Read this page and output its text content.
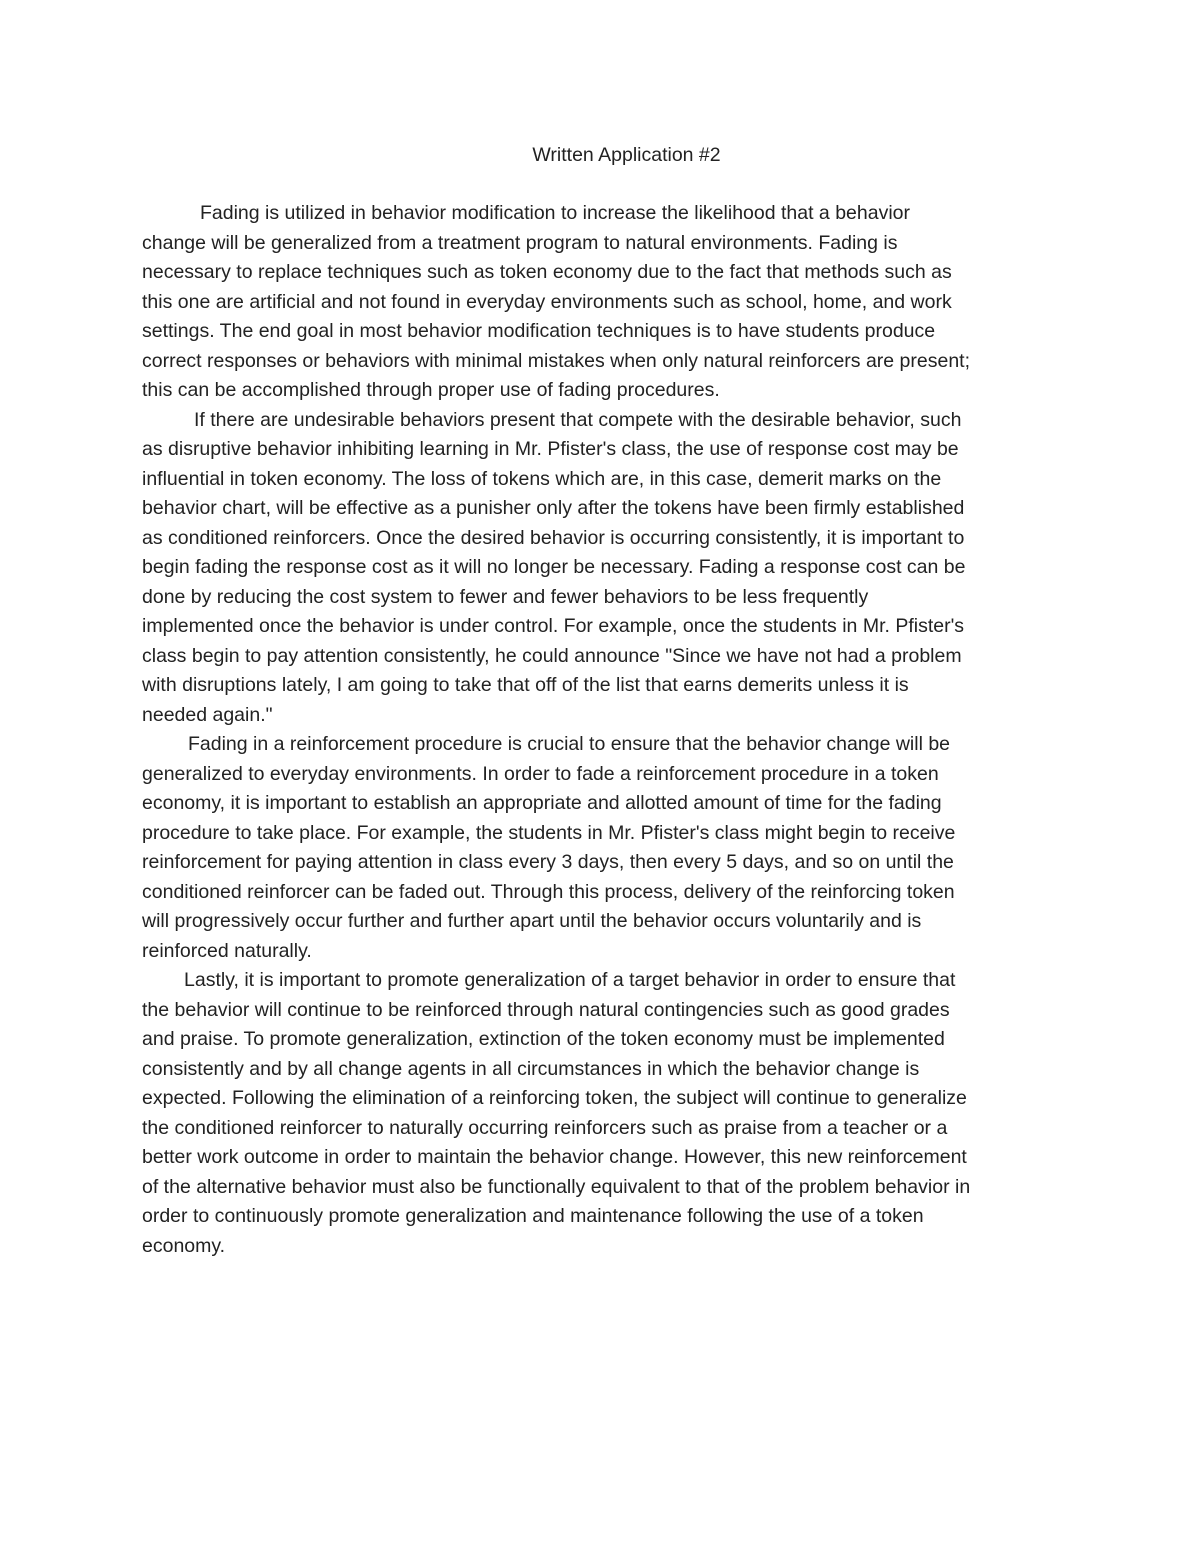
Written Application #2
Fading is utilized in behavior modification to increase the likelihood that a behavior
change will be generalized from a treatment program to natural environments. Fading is
necessary to replace techniques such as token economy due to the fact that methods such as
this one are artificial and not found in everyday environments such as school, home, and work
settings. The end goal in most behavior modification techniques is to have students produce
correct responses or behaviors with minimal mistakes when only natural reinforcers are present;
this can be accomplished through proper use of fading procedures.
If there are undesirable behaviors present that compete with the desirable behavior, such
as disruptive behavior inhibiting learning in Mr. Pfister's class, the use of response cost may be
influential in token economy. The loss of tokens which are, in this case, demerit marks on the
behavior chart, will be effective as a punisher only after the tokens have been firmly established
as conditioned reinforcers. Once the desired behavior is occurring consistently, it is important to
begin fading the response cost as it will no longer be necessary. Fading a response cost can be
done by reducing the cost system to fewer and fewer behaviors to be less frequently
implemented once the behavior is under control. For example, once the students in Mr. Pfister's
class begin to pay attention consistently, he could announce "Since we have not had a problem
with disruptions lately, I am going to take that off of the list that earns demerits unless it is
needed again."
Fading in a reinforcement procedure is crucial to ensure that the behavior change will be
generalized to everyday environments. In order to fade a reinforcement procedure in a token
economy, it is important to establish an appropriate and allotted amount of time for the fading
procedure to take place. For example, the students in Mr. Pfister's class might begin to receive
reinforcement for paying attention in class every 3 days, then every 5 days, and so on until the
conditioned reinforcer can be faded out. Through this process, delivery of the reinforcing token
will progressively occur further and further apart until the behavior occurs voluntarily and is
reinforced naturally.
Lastly, it is important to promote generalization of a target behavior in order to ensure that
the behavior will continue to be reinforced through natural contingencies such as good grades
and praise. To promote generalization, extinction of the token economy must be implemented
consistently and by all change agents in all circumstances in which the behavior change is
expected. Following the elimination of a reinforcing token, the subject will continue to generalize
the conditioned reinforcer to naturally occurring reinforcers such as praise from a teacher or a
better work outcome in order to maintain the behavior change. However, this new reinforcement
of the alternative behavior must also be functionally equivalent to that of the problem behavior in
order to continuously promote generalization and maintenance following the use of a token
economy.
